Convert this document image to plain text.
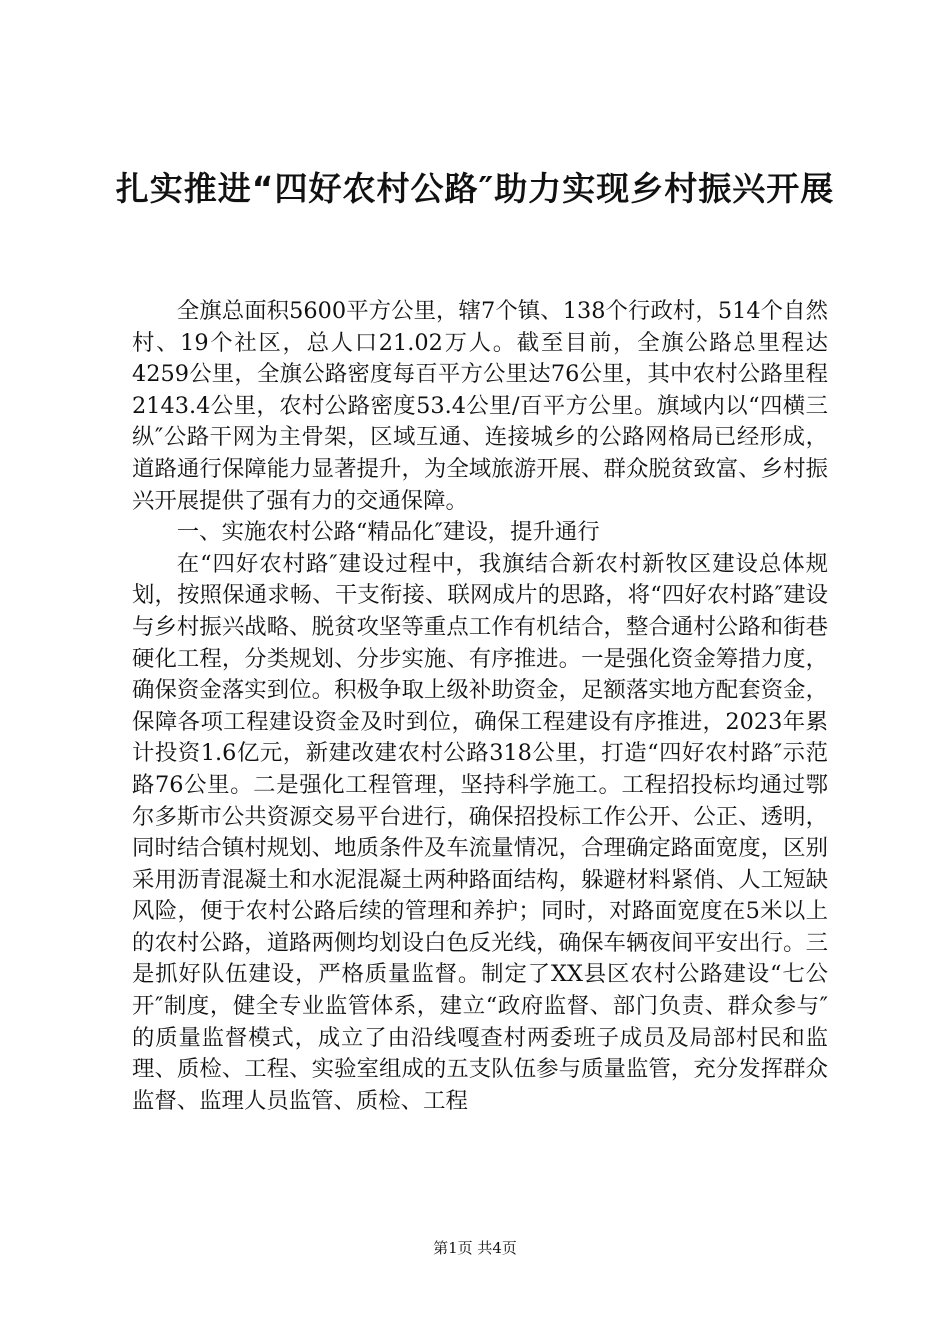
扎实推进“四好农村公路″助力实现乡村振兴开展

全旗总面积5600平方公里，辖7个镇、138个行政村，514个自然村、19个社区，总人口21.02万人。截至目前，全旗公路总里程达4259公里，全旗公路密度每百平方公里达76公里，其中农村公路里程2143.4公里，农村公路密度53.4公里/百平方公里。旗域内以“四横三纵″公路干网为主骨架，区域互通、连接城乡的公路网格局已经形成，道路通行保障能力显著提升，为全域旅游开展、群众脱贫致富、乡村振兴开展提供了强有力的交通保障。

一、实施农村公路“精品化″建设，提升通行

在“四好农村路″建设过程中，我旗结合新农村新牧区建设总体规划，按照保通求畅、干支衔接、联网成片的思路，将“四好农村路″建设与乡村振兴战略、脱贫攻坚等重点工作有机结合，整合通村公路和街巷硬化工程，分类规划、分步实施、有序推进。一是强化资金筹措力度，确保资金落实到位。积极争取上级补助资金，足额落实地方配套资金，保障各项工程建设资金及时到位，确保工程建设有序推进，2023年累计投资1.6亿元，新建改建农村公路318公里，打造“四好农村路″示范路76公里。二是强化工程管理，坚持科学施工。工程招投标均通过鄂尔多斯市公共资源交易平台进行，确保招投标工作公开、公正、透明，同时结合镇村规划、地质条件及车流量情况，合理确定路面宽度，区别采用沥青混凝土和水泥混凝土两种路面结构，躲避材料紧俏、人工短缺风险，便于农村公路后续的管理和养护；同时，对路面宽度在5米以上的农村公路，道路两侧均划设白色反光线，确保车辆夜间平安出行。三是抓好队伍建设，严格质量监督。制定了XX县区农村公路建设“七公开″制度，健全专业监管体系，建立“政府监督、部门负责、群众参与″的质量监督模式，成立了由沿线嘎查村两委班子成员及局部村民和监理、质检、工程、实验室组成的五支队伍参与质量监管，充分发挥群众监督、监理人员监管、质检、工程

第1页 共4页
